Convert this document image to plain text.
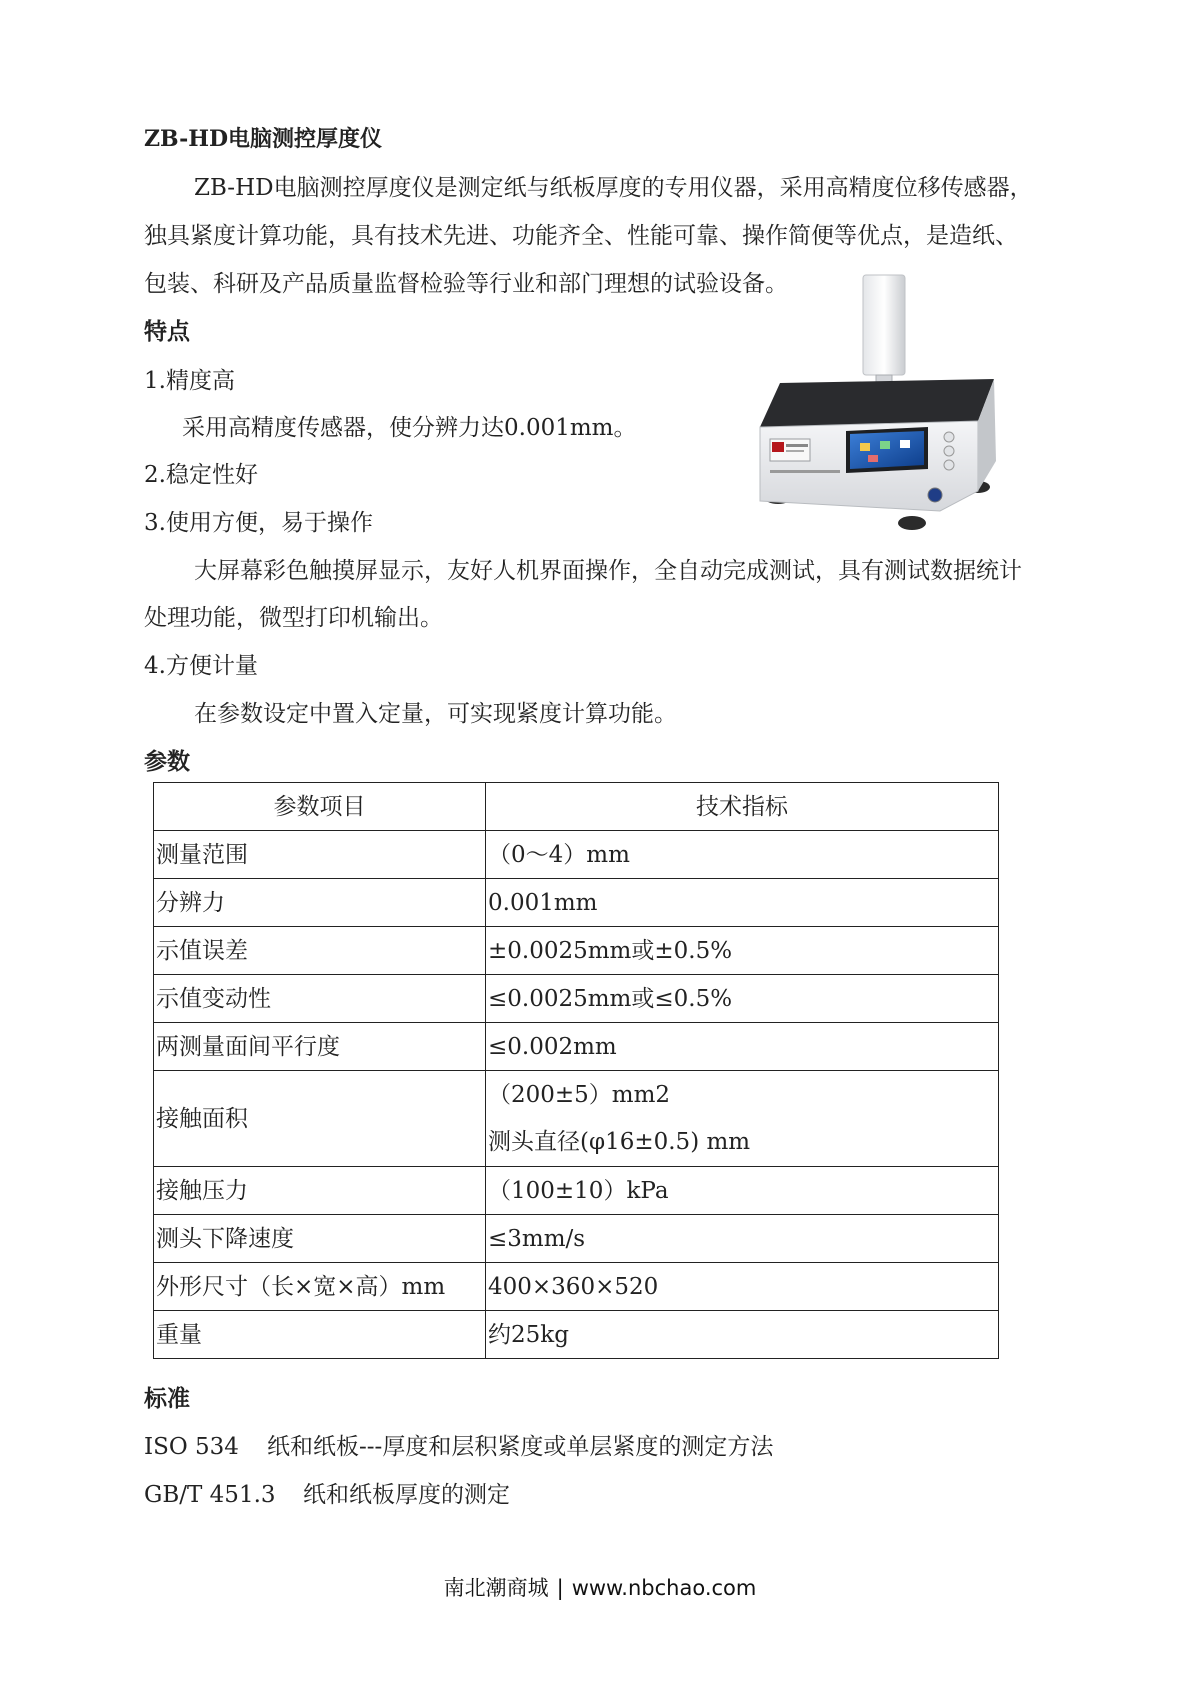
ZB-HD电脑测控厚度仪
ZB-HD电脑测控厚度仪是测定纸与纸板厚度的专用仪器，采用高精度位移传感器，
独具紧度计算功能，具有技术先进、功能齐全、性能可靠、操作简便等优点，是造纸、
包装、科研及产品质量监督检验等行业和部门理想的试验设备。
特点
1.精度高
采用高精度传感器，使分辨力达0.001mm。
2.稳定性好
3.使用方便，易于操作
大屏幕彩色触摸屏显示，友好人机界面操作，全自动完成测试，具有测试数据统计
处理功能，微型打印机输出。
4.方便计量
在参数设定中置入定量，可实现紧度计算功能。
参数
参数项目	技术指标
测量范围	（0～4）mm

分辨力	0.001mm

示值误差	±0.0025mm或±0.5%

示值变动性	≤0.0025mm或≤0.5%

两测量面间平行度	≤0.002mm

接触面积	（200±5）mm2
测头直径(φ16±0.5) mm

接触压力	（100±10）kPa

测头下降速度	≤3mm/s

外形尺寸（长×宽×高）mm	400×360×520

重量	约25kg
标准
ISO 534 纸和纸板---厚度和层积紧度或单层紧度的测定方法
GB/T 451.3 纸和纸板厚度的测定
南北潮商城 | www.nbchao.com
